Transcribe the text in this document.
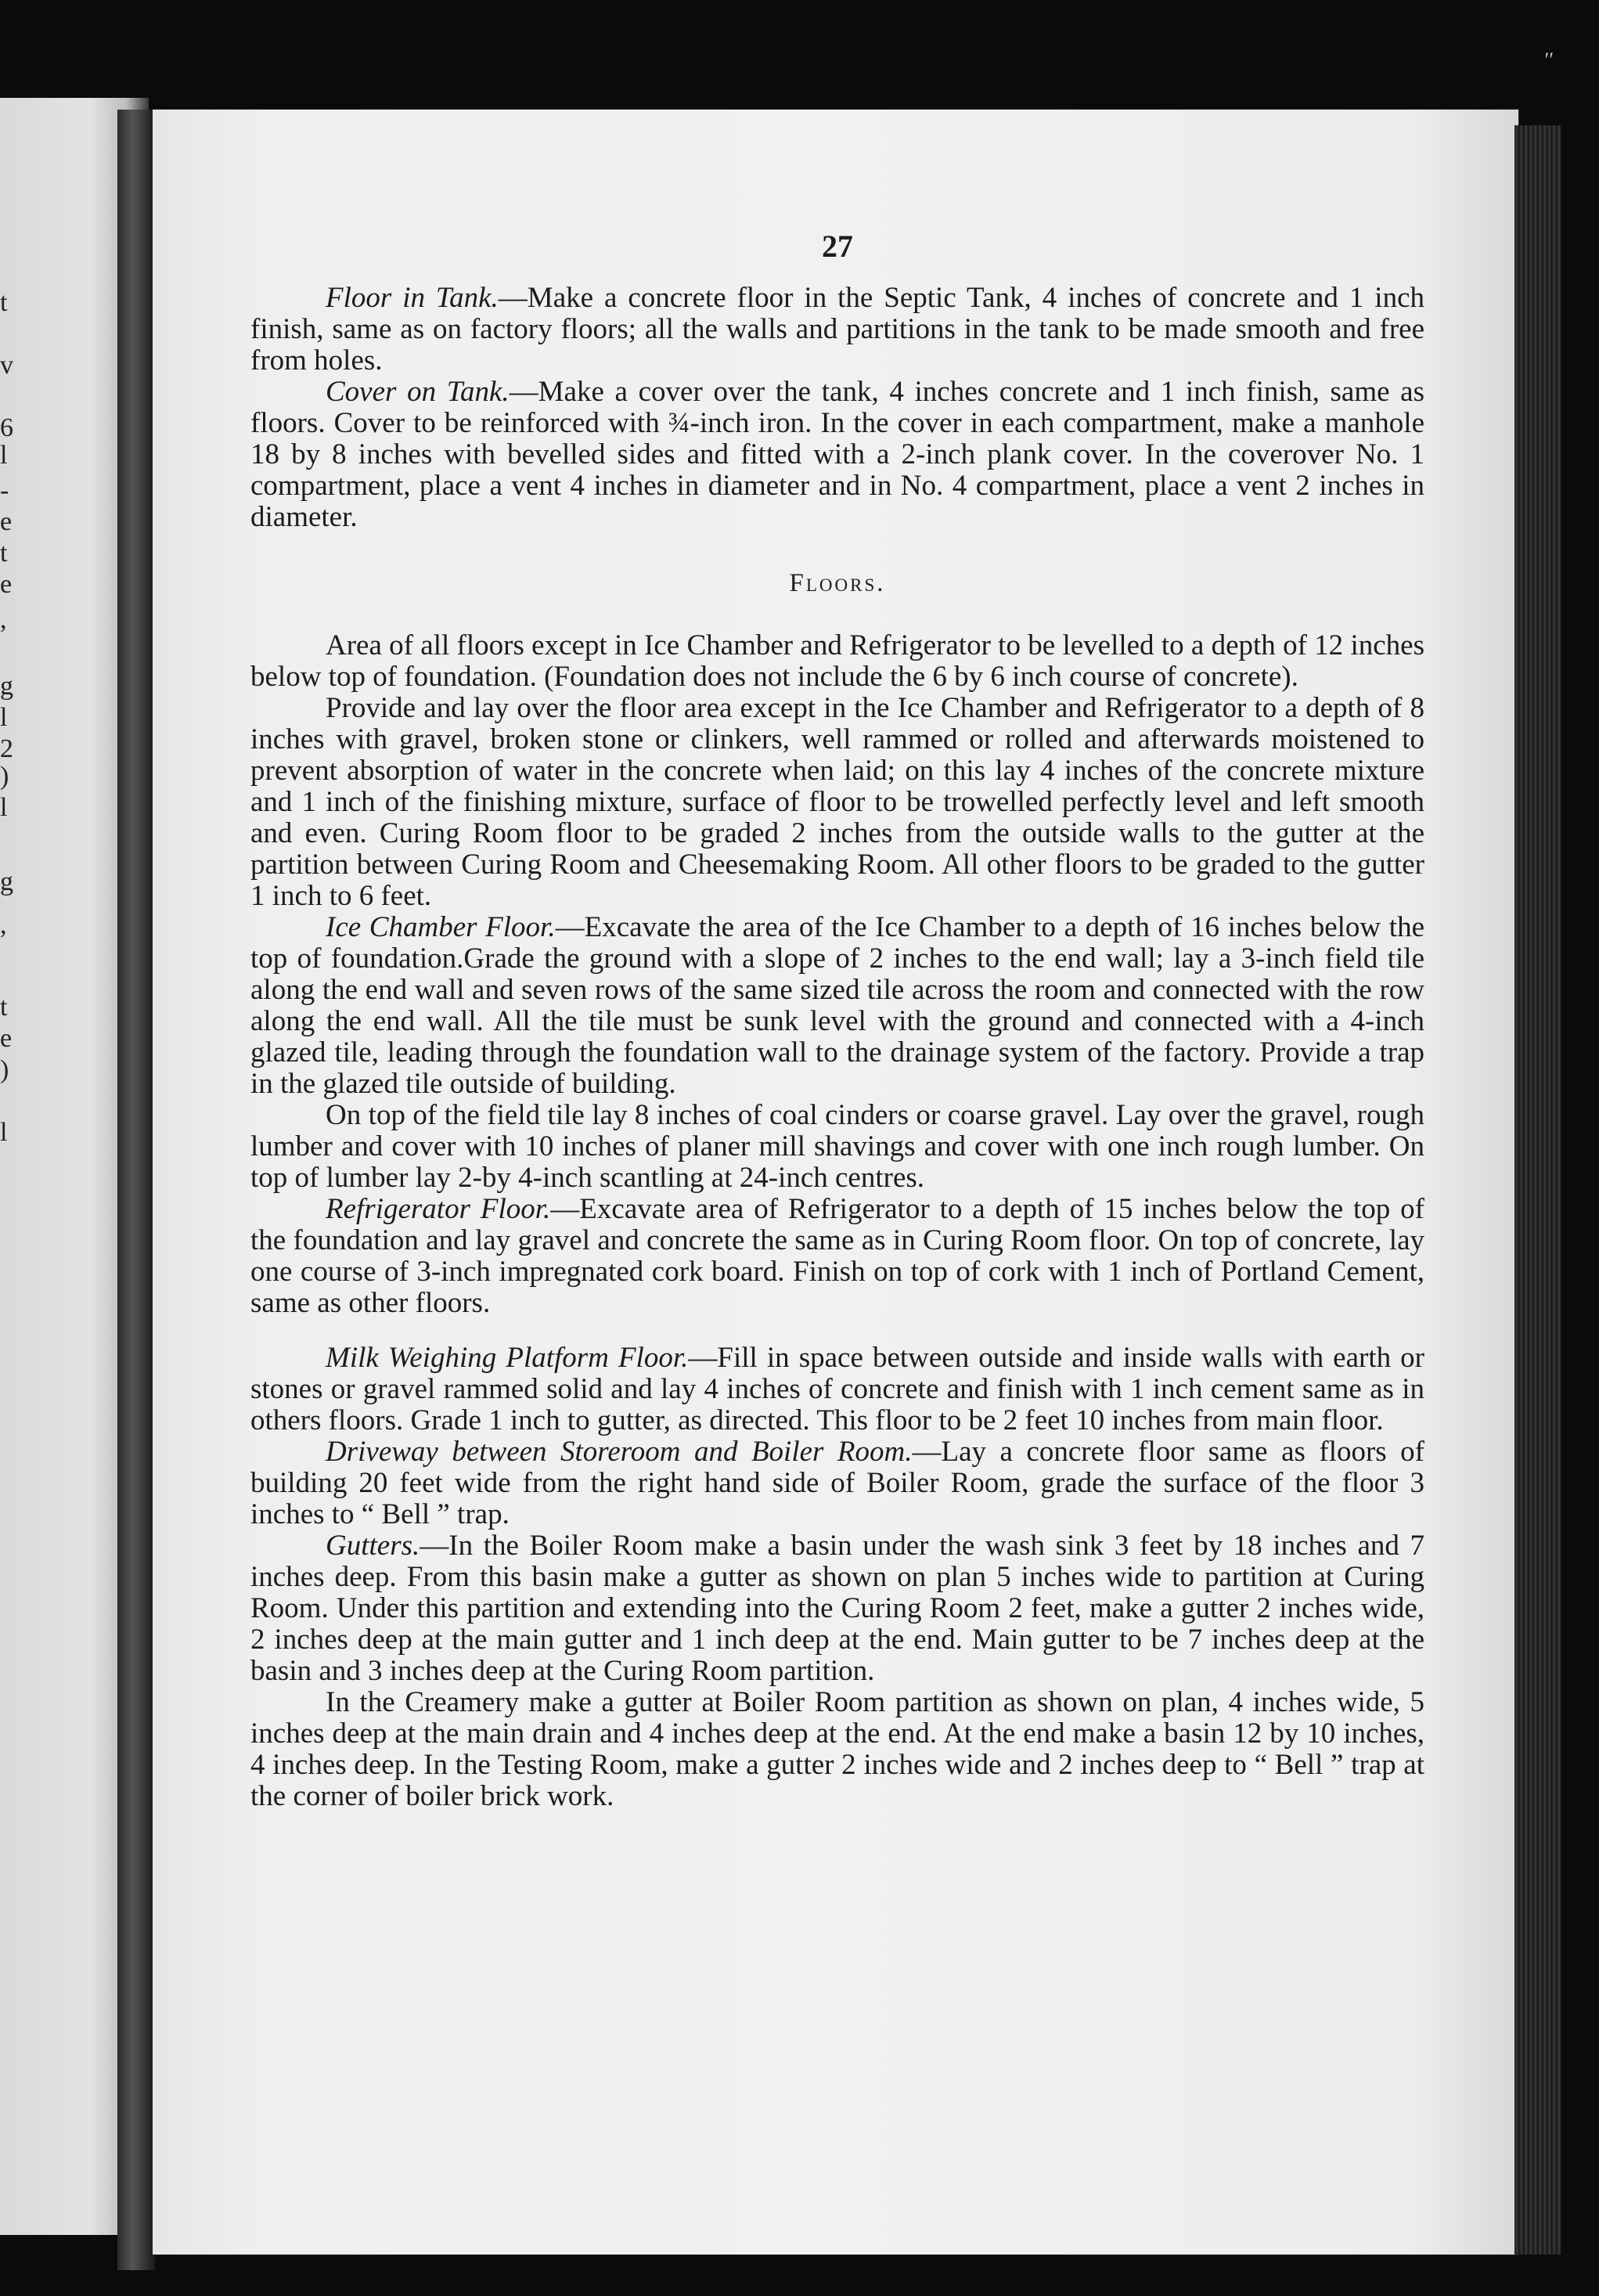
t
v
6
l
-
e
t
e
,
g
l
2
)
l
g
,
t
e
)
l
27

Floor in Tank.—Make a concrete floor in the Septic Tank, 4 inches of concrete and 1 inch finish, same as on factory floors; all the walls and partitions in the tank to be made smooth and free from holes.

Cover on Tank.—Make a cover over the tank, 4 inches concrete and 1 inch finish, same as floors. Cover to be reinforced with ¾-inch iron. In the cover in each compartment, make a manhole 18 by 8 inches with bevelled sides and fitted with a 2-inch plank cover. In the coverover No. 1 compartment, place a vent 4 inches in diameter and in No. 4 compartment, place a vent 2 inches in diameter.

Floors.

Area of all floors except in Ice Chamber and Refrigerator to be levelled to a depth of 12 inches below top of foundation. (Foundation does not include the 6 by 6 inch course of concrete).

Provide and lay over the floor area except in the Ice Chamber and Refrigerator to a depth of 8 inches with gravel, broken stone or clinkers, well rammed or rolled and afterwards moistened to prevent absorption of water in the concrete when laid; on this lay 4 inches of the concrete mixture and 1 inch of the finishing mixture, surface of floor to be trowelled perfectly level and left smooth and even. Curing Room floor to be graded 2 inches from the outside walls to the gutter at the partition between Curing Room and Cheesemaking Room. All other floors to be graded to the gutter 1 inch to 6 feet.

Ice Chamber Floor.—Excavate the area of the Ice Chamber to a depth of 16 inches below the top of foundation.Grade the ground with a slope of 2 inches to the end wall; lay a 3-inch field tile along the end wall and seven rows of the same sized tile across the room and connected with the row along the end wall. All the tile must be sunk level with the ground and connected with a 4-inch glazed tile, leading through the foundation wall to the drainage system of the factory. Provide a trap in the glazed tile outside of building.

On top of the field tile lay 8 inches of coal cinders or coarse gravel. Lay over the gravel, rough lumber and cover with 10 inches of planer mill shavings and cover with one inch rough lumber. On top of lumber lay 2-by 4-inch scantling at 24-inch centres.

Refrigerator Floor.—Excavate area of Refrigerator to a depth of 15 inches below the top of the foundation and lay gravel and concrete the same as in Curing Room floor. On top of concrete, lay one course of 3-inch impregnated cork board. Finish on top of cork with 1 inch of Portland Cement, same as other floors.

Milk Weighing Platform Floor.—Fill in space between outside and inside walls with earth or stones or gravel rammed solid and lay 4 inches of concrete and finish with 1 inch cement same as in others floors. Grade 1 inch to gutter, as directed. This floor to be 2 feet 10 inches from main floor.

Driveway between Storeroom and Boiler Room.—Lay a concrete floor same as floors of building 20 feet wide from the right hand side of Boiler Room, grade the surface of the floor 3 inches to “ Bell ” trap.

Gutters.—In the Boiler Room make a basin under the wash sink 3 feet by 18 inches and 7 inches deep. From this basin make a gutter as shown on plan 5 inches wide to partition at Curing Room. Under this partition and extending into the Curing Room 2 feet, make a gutter 2 inches wide, 2 inches deep at the main gutter and 1 inch deep at the end. Main gutter to be 7 inches deep at the basin and 3 inches deep at the Curing Room partition.

In the Creamery make a gutter at Boiler Room partition as shown on plan, 4 inches wide, 5 inches deep at the main drain and 4 inches deep at the end. At the end make a basin 12 by 10 inches, 4 inches deep. In the Testing Room, make a gutter 2 inches wide and 2 inches deep to “ Bell ” trap at the corner of boiler brick work.

′′
